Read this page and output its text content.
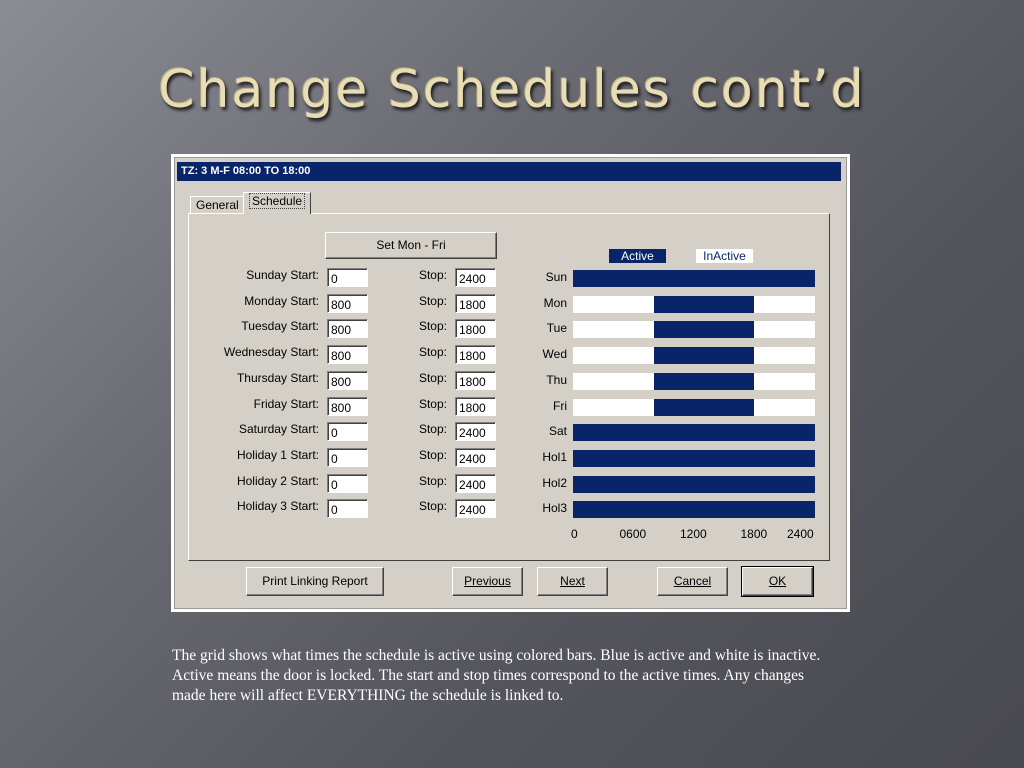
Change Schedules cont’d
TZ: 3 M-F 08:00 TO 18:00
General	Schedule
Set Mon - Fri
Active	InActive
Sun
Mon
Tue
Wed
Thu
Fri
Sat
Hol1
Hol2
Hol3
0	0600	1200	1800 2400
Print Linking Report	Previous	Next	Cancel	OK
Sunday Start:	0	Stop:	2400
Monday Start:	800	Stop:	1800
Tuesday Start:	800	Stop:	1800
Wednesday Start:	800	Stop:	1800
Thursday Start:	800	Stop:	1800
Friday Start:	800	Stop:	1800
Saturday Start:	0	Stop:	2400
Holiday 1 Start:	0	Stop:	2400
Holiday 2 Start:	0	Stop:	2400
Holiday 3 Start:	0	Stop:	2400
The grid shows what times the schedule is active using colored bars. Blue is active and white is inactive. Active means the door is locked. The start and stop times correspond to the active times. Any changes made here will affect EVERYTHING the schedule is linked to.
